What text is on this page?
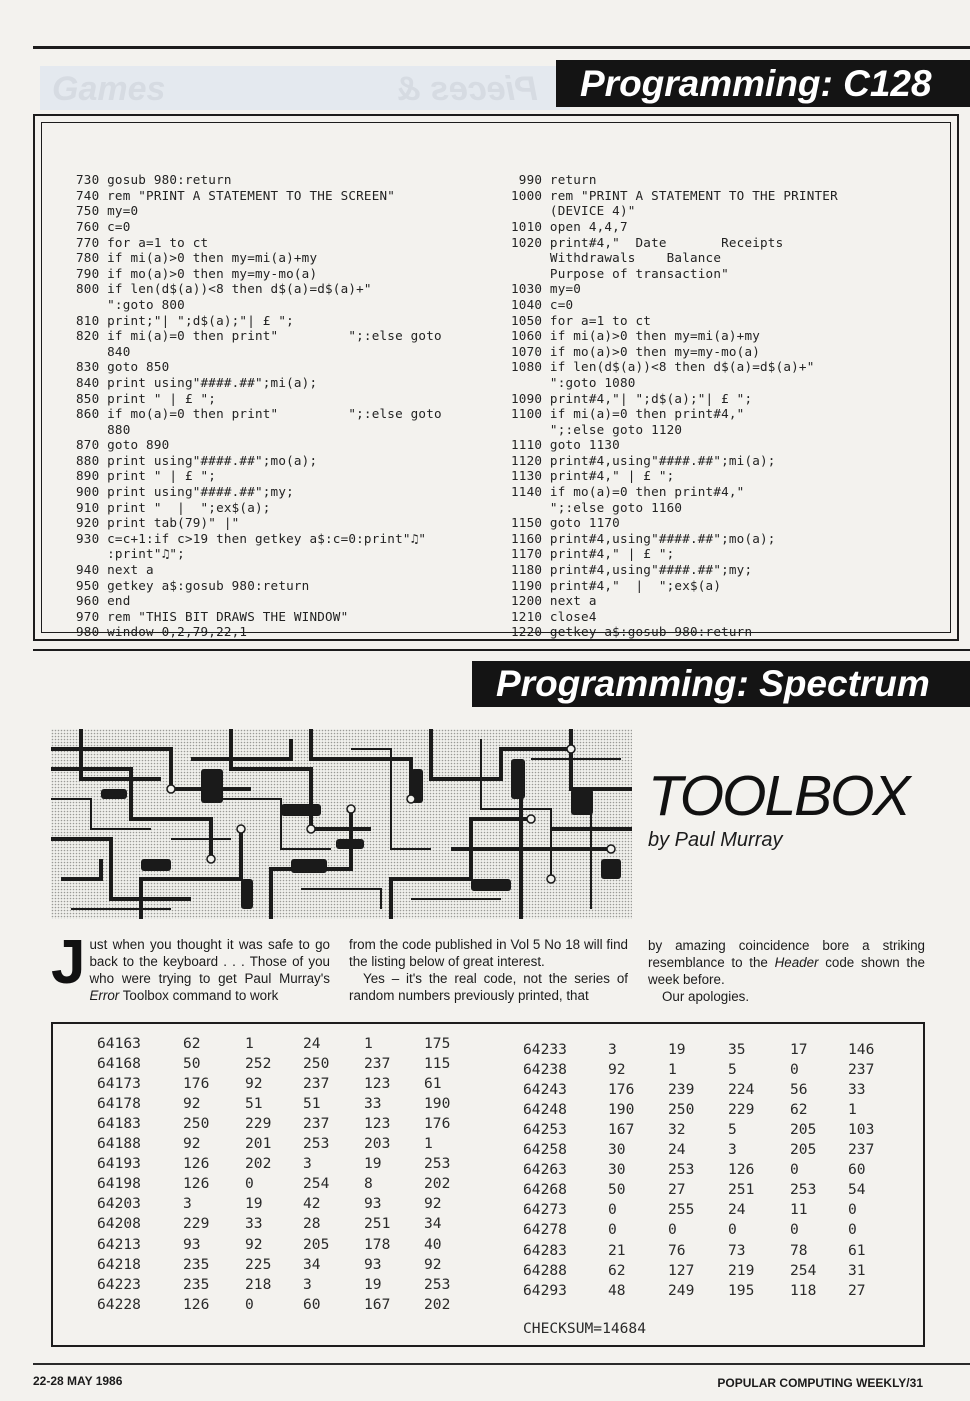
Games	Pieces &	Programming: C128

730 gosub 980:return
740 rem "PRINT A STATEMENT TO THE SCREEN"
750 my=0
760 c=0
770 for a=1 to ct
780 if mi(a)>0 then my=mi(a)+my
790 if mo(a)>0 then my=my-mo(a)
800 if len(d$(a))<8 then d$(a)=d$(a)+"
":goto 800
810 print;"| ";d$(a);"| £ ";
820 if mi(a)=0 then print"         ";:else goto
840
830 goto 850
840 print using"####.##";mi(a);
850 print " | £ ";
860 if mo(a)=0 then print"         ";:else goto
880
870 goto 890
880 print using"####.##";mo(a);
890 print " | £ ";
900 print using"####.##";my;
910 print "  |  ";ex$(a);
920 print tab(79)" |"
930 c=c+1:if c>19 then getkey a$:c=0:print"♫"
:print"♫";
940 next a
950 getkey a$:gosub 980:return
960 end
970 rem "THIS BIT DRAWS THE WINDOW"
980 window 0,2,79,22,1

990 return
1000 rem "PRINT A STATEMENT TO THE PRINTER
(DEVICE 4)"
1010 open 4,4,7
1020 print#4,"  Date       Receipts
Withdrawals    Balance
Purpose of transaction"
1030 my=0
1040 c=0
1050 for a=1 to ct
1060 if mi(a)>0 then my=mi(a)+my
1070 if mo(a)>0 then my=my-mo(a)
1080 if len(d$(a))<8 then d$(a)=d$(a)+"
":goto 1080
1090 print#4,"| ";d$(a);"| £ ";
1100 if mi(a)=0 then print#4,"
";:else goto 1120
1110 goto 1130
1120 print#4,using"####.##";mi(a);
1130 print#4," | £ ";
1140 if mo(a)=0 then print#4,"
";:else goto 1160
1150 goto 1170
1160 print#4,using"####.##";mo(a);
1170 print#4," | £ ";
1180 print#4,using"####.##";my;
1190 print#4,"  |  ";ex$(a)
1200 next a
1210 close4
1220 getkey a$:gosub 980:return

Programming: Spectrum
TOOLBOX
by Paul Murray
Just when you thought it was safe to go back to the keyboard . . . Those of you who were trying to get Paul Murray's Error Toolbox command to work
from the code published in Vol 5 No 18 will find the listing below of great interest.
Yes – it's the real code, not the series of random numbers previously printed, that
by amazing coincidence bore a striking resemblance to the Header code shown the week before.
Our apologies.
64163	62	1	24	1	175
64168	50	252 250 237 115
64173	176 92	237 123 61
64178	92	51	51	33	190
64183	250 229 237 123 176
64188	92	201 253 203 1
64193	126 202 3	19	253
64198	126 0	254 8	202
64203	3	19	42	93	92
64208	229 33	28	251 34
64213	93	92	205 178 40
64218	235 225 34	93	92
64223	235 218 3	19	253
64228	126 0	60	167 202
64233	3	19	35	17	146
64238	92	1	5	0	237
64243	176 239 224 56	33
64248	190 250 229 62	1
64253	167 32	5	205 103
64258	30	24	3	205 237
64263	30	253 126 0	60
64268	50	27	251 253 54
64273	0	255 24	11	0
64278	0	0	0	0	0
64283	21	76	73	78	61
64288	62	127 219 254 31
64293	48	249 195 118 27
CHECKSUM=14684
22-28 MAY 1986	POPULAR COMPUTING WEEKLY/31
